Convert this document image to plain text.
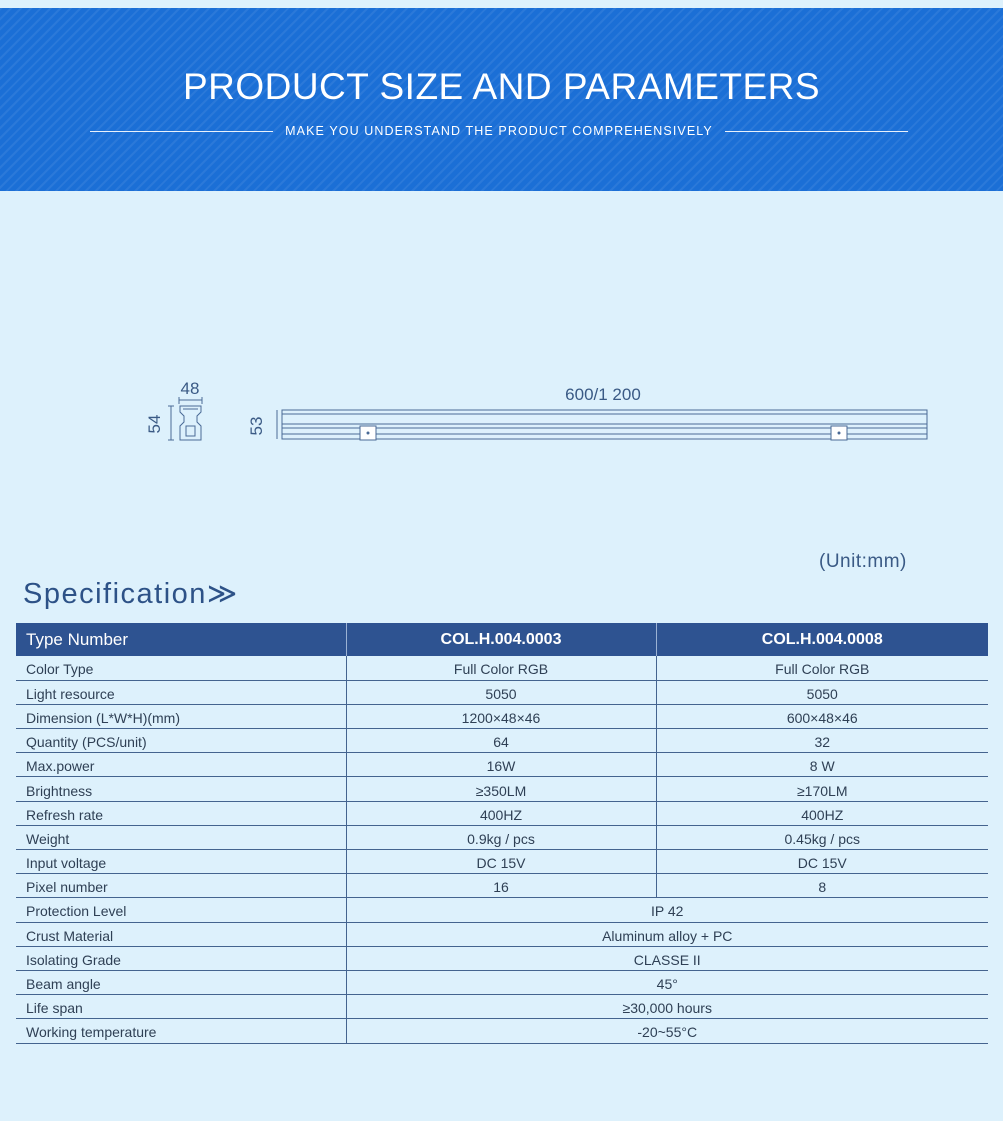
PRODUCT SIZE AND PARAMETERS
MAKE YOU UNDERSTAND THE PRODUCT COMPREHENSIVELY
48
54	53
600/1 200
(Unit:mm)
Specification≫
Type Number	COL.H.004.0003	COL.H.004.0008
Color Type	Full Color RGB	Full Color RGB
Light resource	5050	5050
Dimension (L*W*H)(mm)	1200×48×46	600×48×46
Quantity (PCS/unit)	64	32
Max.power	16W	8 W
Brightness	≥350LM	≥170LM
Refresh rate	400HZ	400HZ
Weight	0.9kg / pcs	0.45kg / pcs
Input voltage	DC 15V	DC 15V
Pixel number	16	8
Protection Level	IP 42	
Crust Material	Aluminum alloy + PC	
Isolating Grade	CLASSE II	
Beam angle	45°	
Life span	≥30,000 hours	
Working temperature	-20~55°C	
